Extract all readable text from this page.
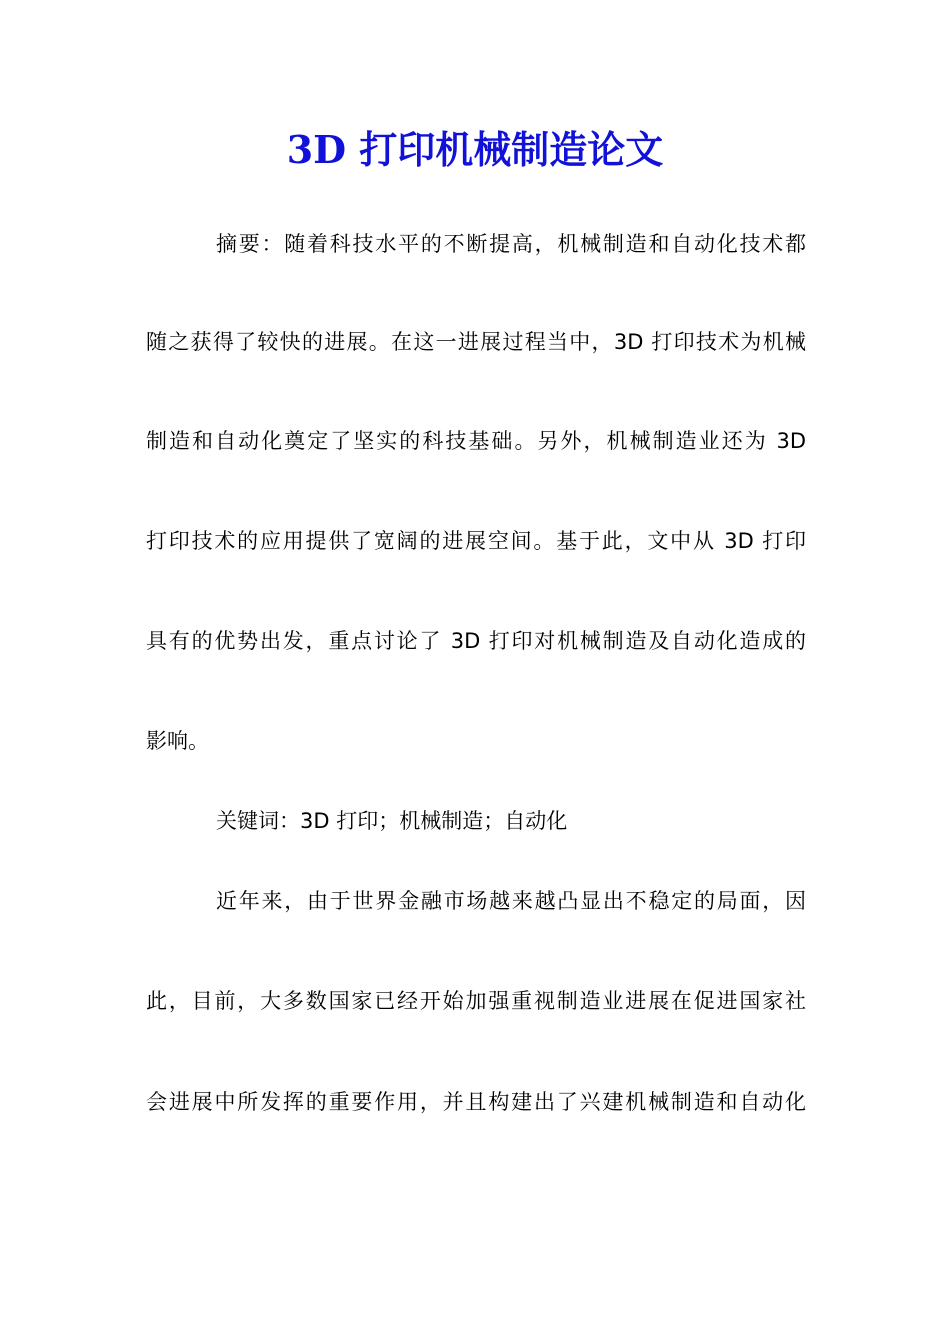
3D 打印机械制造论文

摘要：随着科技水平的不断提高，机械制造和自动化技术都

随之获得了较快的进展。在这一进展过程当中，3D 打印技术为机械

制造和自动化奠定了坚实的科技基础。另外，机械制造业还为 3D

打印技术的应用提供了宽阔的进展空间。基于此，文中从 3D 打印

具有的优势出发，重点讨论了 3D 打印对机械制造及自动化造成的

影响。

关键词：3D 打印；机械制造；自动化

近年来，由于世界金融市场越来越凸显出不稳定的局面，因

此，目前，大多数国家已经开始加强重视制造业进展在促进国家社

会进展中所发挥的重要作用，并且构建出了兴建机械制造和自动化
